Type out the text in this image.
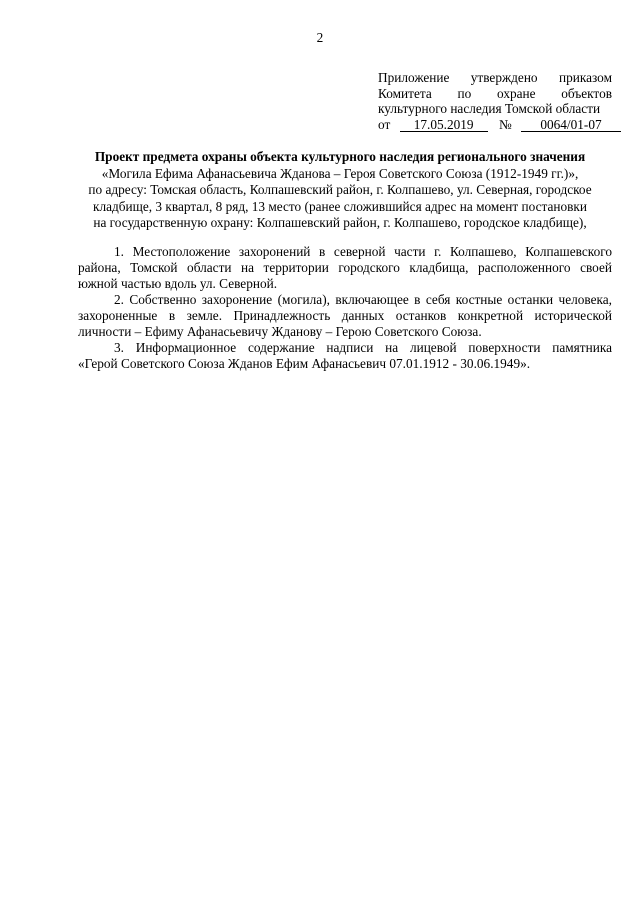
2
Приложение утверждено приказом
Комитета по охране объектов
культурного наследия Томской области
от 17.05.2019 № 0064/01-07
Проект предмета охраны объекта культурного наследия регионального значения
«Могила Ефима Афанасьевича Жданова – Героя Советского Союза (1912-1949 гг.)»,
по адресу: Томская область, Колпашевский район, г. Колпашево, ул. Северная, городское
кладбище, 3 квартал, 8 ряд, 13 место (ранее сложившийся адрес на момент постановки
на государственную охрану: Колпашевский район, г. Колпашево, городское кладбище),
1. Местоположение захоронений в северной части г. Колпашево, Колпашевского
района, Томской области на территории городского кладбища, расположенного своей
южной частью вдоль ул. Северной.
2. Собственно захоронение (могила), включающее в себя костные останки человека,
захороненные в земле. Принадлежность данных останков конкретной исторической
личности – Ефиму Афанасьевичу Жданову – Герою Советского Союза.
3. Информационное содержание надписи на лицевой поверхности памятника
«Герой Советского Союза Жданов Ефим Афанасьевич 07.01.1912 - 30.06.1949».
